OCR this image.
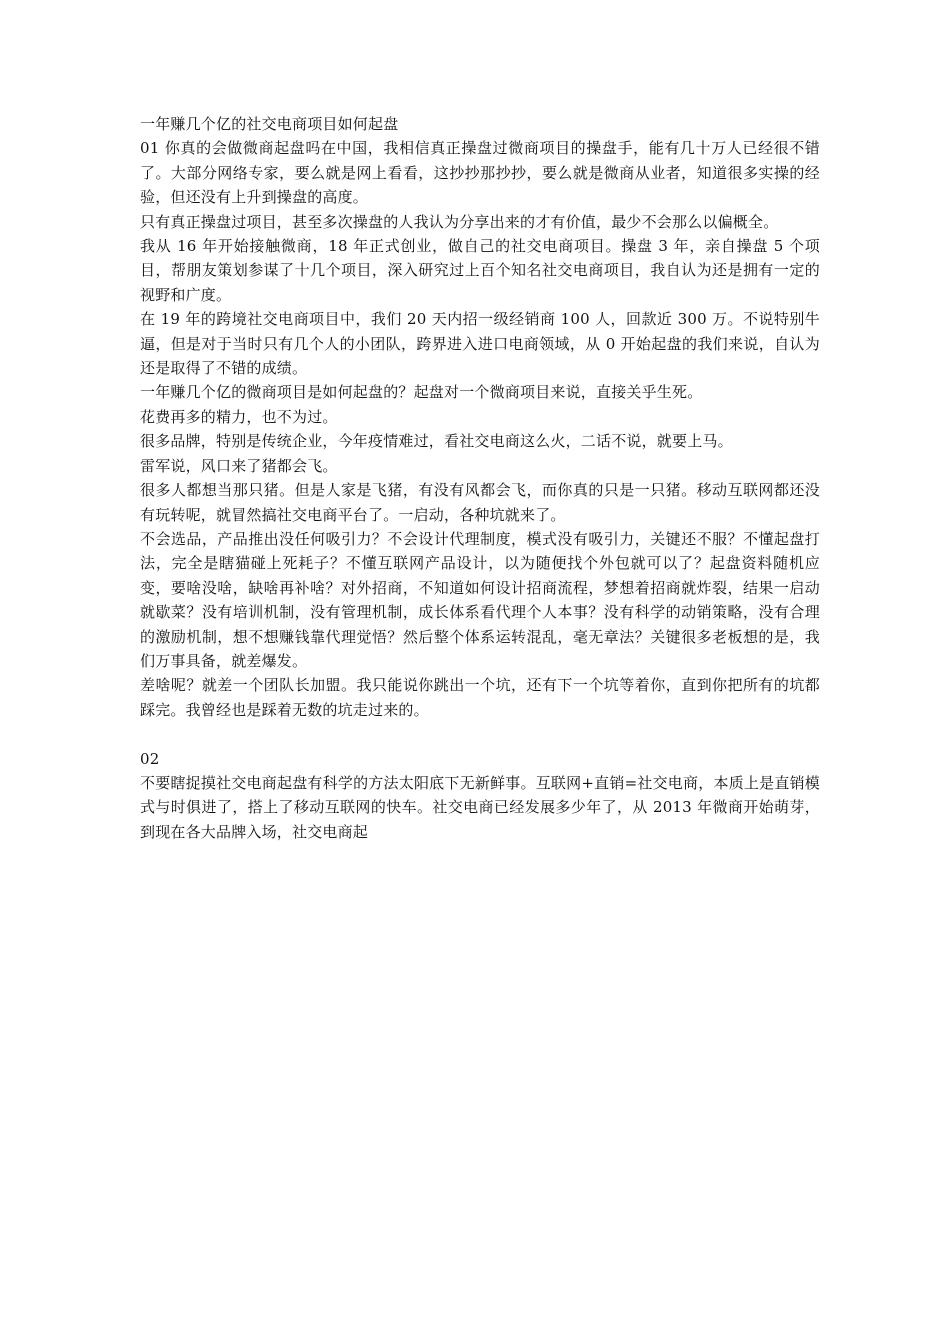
一年赚几个亿的社交电商项目如何起盘

01 你真的会做微商起盘吗在中国，我相信真正操盘过微商项目的操盘手，能有几十万人已经很不错了。大部分网络专家，要么就是网上看看，这抄抄那抄抄，要么就是微商从业者，知道很多实操的经验，但还没有上升到操盘的高度。

只有真正操盘过项目，甚至多次操盘的人我认为分享出来的才有价值，最少不会那么以偏概全。

我从 16 年开始接触微商，18 年正式创业，做自己的社交电商项目。操盘 3 年，亲自操盘 5 个项目，帮朋友策划参谋了十几个项目，深入研究过上百个知名社交电商项目，我自认为还是拥有一定的视野和广度。

在 19 年的跨境社交电商项目中，我们 20 天内招一级经销商 100 人，回款近 300 万。不说特别牛逼，但是对于当时只有几个人的小团队，跨界进入进口电商领域，从 0 开始起盘的我们来说，自认为还是取得了不错的成绩。

一年赚几个亿的微商项目是如何起盘的？起盘对一个微商项目来说，直接关乎生死。

花费再多的精力，也不为过。

很多品牌，特别是传统企业，今年疫情难过，看社交电商这么火，二话不说，就要上马。

雷军说，风口来了猪都会飞。

很多人都想当那只猪。但是人家是飞猪，有没有风都会飞，而你真的只是一只猪。移动互联网都还没有玩转呢，就冒然搞社交电商平台了。一启动，各种坑就来了。

不会选品，产品推出没任何吸引力？不会设计代理制度，模式没有吸引力，关键还不服？不懂起盘打法，完全是瞎猫碰上死耗子？不懂互联网产品设计，以为随便找个外包就可以了？起盘资料随机应变，要啥没啥，缺啥再补啥？对外招商，不知道如何设计招商流程，梦想着招商就炸裂，结果一启动就歇菜？没有培训机制，没有管理机制，成长体系看代理个人本事？没有科学的动销策略，没有合理的激励机制，想不想赚钱靠代理觉悟？然后整个体系运转混乱，毫无章法？关键很多老板想的是，我们万事具备，就差爆发。

差啥呢？就差一个团队长加盟。我只能说你跳出一个坑，还有下一个坑等着你，直到你把所有的坑都踩完。我曾经也是踩着无数的坑走过来的。

02

不要瞎捉摸社交电商起盘有科学的方法太阳底下无新鲜事。互联网+直销=社交电商，本质上是直销模式与时俱进了，搭上了移动互联网的快车。社交电商已经发展多少年了，从 2013 年微商开始萌芽，到现在各大品牌入场，社交电商起
